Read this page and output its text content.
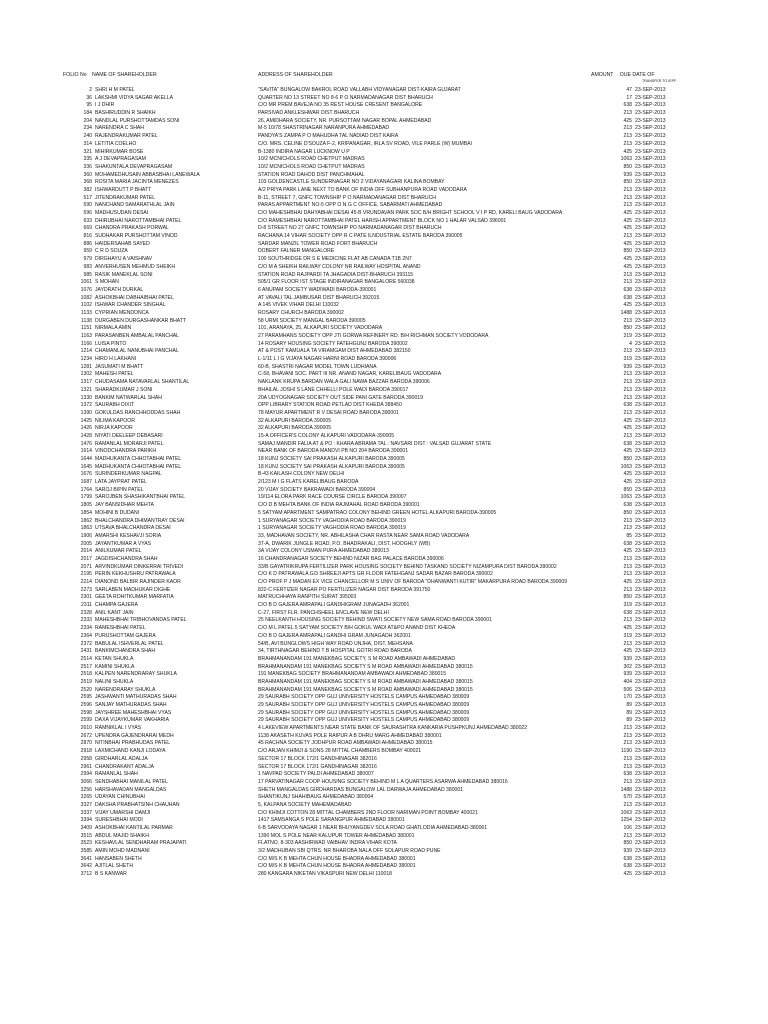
FOLIO No NAME OF SHAREHOLDER	ADDRESS OF SHAREHOLDER	AMOUNT DUE DATE OF
TRANSFER TO IEPF
2 SHRI H M PATEL	"SAVITA" BUNGALOW BAKROL ROAD VALLABH VIDYANAGAR DIST-KAIRA GUJARAT	47 23-SEP-2013
36 LAKSHMI VIDYA SAGAR AKELLA	QUARTER NO 13 STREET NO 8-6 P O NARMADANAGAR DIST BHARUCH	17 23-SEP-2013
95 I J DHIR	C/O MR PREM BAVEJA NO 35 REST HOUSE CRESENT BANGALORE	638 23-SEP-2013
184 BASHIRUDDIN R SHAIKH	PARSIVAD ANKLESHWAR DIST BHARUCH	213 23-SEP-2013
204 NANDLAL PURSHOTTAMDAS SONI	26, AMIDHARA SOCIETY, NR. PURSOTTAM NAGAR BOPAL AHMEDABAD	425 23-SEP-2013
234 NARENDRA C SHAH	M-5 10/78 SHASTRINAGAR NARANPURA AHMEDABAD	213 23-SEP-2013
240 RAJENDRAKUMAR PATEL	PANDYA'S ZAMPA P O MAHUDHA TAL NADIAD DIST KAIRA	213 23-SEP-2013
314 LETITIA COELHO	C/O. MRS. CELINE D'SOUZA F-2, KRIPANAGAR, IRLA SV ROAD, VILE PARLE (W) MUMBAI	213 23-SEP-2013
321 MIHIRKUMAR BOSE	B-1380 INDIRA NAGAR LUCKNOW U P	425 23-SEP-2013
335 A J DEVAPRAGASAM	10/2 MCNICHOLS ROAD CHETPUT MADRAS	1063 23-SEP-2013
336 SHAKUNTALA DEVAPRAGASAM	10/2 MCNICHOLS ROAD CHETPUT MADRAS	850 23-SEP-2013
360 MOHAMEDHUSAIN ABBASBHAI LANEWALA	STATION ROAD DAHOD DIST PANCHMAHAL	939 23-SEP-2013
368 ROSITA MARIA JACINTA MENEZES	103 GOLDENCASTLE SUNDERNAGAR NO 2 VIDAYANAGARI KALINA BOMBAY	850 23-SEP-2013
382 ISHWARDUTT P BHATT	A/2 PRIYA PARK LANE NEXT TO BANK OF INDIA OFF SUBHANPURA ROAD VADODARA	213 23-SEP-2013
517 JITENDRAKUMAR PATEL	B-11, STREET 7, GNFC TOWNSHIP P O NARMADANAGAR DIST BHARUCH	213 23-SEP-2013
590 NANCHAND SAMARATHLAL JAIN	PARAS APPARTMENT NO-5 OPP O N G C OFFICE, SABARMATI AHMEDABAD	213 23-SEP-2013
596 MADHUSUDAN DESAI	C/O MAHESHBHAI DAHYABHAI DESAI 45-B VRUNDAVAN PARK SOC B/H BRIGHT SCHOOL V I P RD, KARELI BAUG VADODARA	425 23-SEP-2013
633 DHIRUBHAI NAROTTAMBHAI PATEL	C/O RAMESHBHAI NAROTTAMBHAI PATEL HARISH APPARTMENT BLOCK NO 1 HALAR VALSAD 396001	425 23-SEP-2013
669 CHANDRA PRAKASH PORWAL	D-8 STREET NO 27 GNFC TOWNSHIP PO NARMADANAGAR DIST BHARUCH	425 23-SEP-2013
816 SUDHAKAR PURSHOTTAM VINOD	RACHANA 14 VIHAR SOCIETY OPP R C PATE ILNDUSTRIAL ESTATE BARODA 390005	213 23-SEP-2013
886 HAIDERSAHAB SAYED	SARDAR MANZIL TOWER ROAD FORT BHARUCH	425 23-SEP-2013
959 C R D SOUZA	DOBERT FALNER MANGALORE	850 23-SEP-2013
979 DIRGHAYU A VAISHNAV	100 SOUTHRIDGE DR S E MEDICINE FLAT AB CANADA T1B 2N7	425 23-SEP-2013
983 ANVERHUSEN MEHMUD SHEIKH	C/O M A SHEIKH RAILWAY COLONY NR RAILWAY HOSPITAL ANAND	425 23-SEP-2013
985 RASIK MANEKLAL SONI	STATION ROAD RAJPARDI TA JHAGADIA DIST-BHARUCH 393115	213 23-SEP-2013
1061 S MOHAN	505/1 GR FLOOR IST STAGE INDIRANAGAR BANGALORE 560038	213 23-SEP-2013
1076 JAYDRATH DURKAL	6 ANUPAM SOCIETY WADIWADI BARODA-390001	638 23-SEP-2013
1082 ASHOKBHAI DABHAIBHAI PATEL	AT VAVALI TAL JAMBUSAR DIST BHARUCH 392015	638 23-SEP-2013
1102 ISHWAR CHANDER SINGHAL	A 145 VIVEK VIHAR DELHI 110032	425 23-SEP-2013
1133 CYPRIAN MENDONCA	ROSARY CHURCH BARODA 390002	1488 23-SEP-2013
1138 DURGABEN DURGASHANKAR BHATT	58 URMI SOCIETY MANGAL BARODA 390005	213 23-SEP-2013
1151 NIRMALA AMIN	101, ARANAYA, 25, ALKAPURI SOCIETY VADODARA	850 23-SEP-2013
1163 PARASANBEN AMBALAL PANCHAL	27 PARAMHANS SOCIETY OPP JTI GORWA REFINERY RD. B/H RICHMAN SOCIETY VODODARA	319 23-SEP-2013
1166 LUISA PINTO	14 ROSARY HOUSING SOCIETY FATEHGUNJ BARODA 390002	4 23-SEP-2013
1214 CHAMANLAL NANUBHAI PANCHAL	AT & POST KAMUALA TA VIRAMGAM DIST AHMEDABAD 382150	213 23-SEP-2013
1234 HIRO H LAKHANI	L-1/11 L I G VIJAYA NAGAR HARNI ROAD BARODA 390006	319 23-SEP-2013
1281 JASUMATI M BHATT	60-B, SHASTRI NAGAR MODEL TOWN LUDHIANA	939 23-SEP-2013
1302 MAHESH PATEL	C-58, BHAVANI SOC. PART III NR. ANAND NAGAR, KARELIBAUG VADODARA	213 23-SEP-2013
1317 CHUDASAMA NATAVARLAL SHANTILAL	NAKLANK KRUPA BARDAN WALA GALI NAWA BAZZAR BARODA 390006	213 23-SEP-2013
1321 SHARADKUMAR J SONI	BHAILAL JOSHI S LANE CHHELLI POLE WADI BARODA 390017	213 23-SEP-2013
1330 BANKIM NATWARLAL SHAH	20A UDYOGNAGAR SOCIETY OUT SIDE PANI GATE BARODA 390019	213 23-SEP-2013
1372 SAURABH DIXIT	OPP LIBRARY STATION ROAD PETLAD DIST KHEDA 388450	638 23-SEP-2013
1390 GOKULDAS RANCHHODDAS SHAH	78 MAYUR APARTMENT R V DESAI ROAD BARODA 390001	213 23-SEP-2013
1425 NILIMA KAPOOR	32 ALKAPURI BARODA 390005	425 23-SEP-2013
1426 NIRJA KAPOOR	32 ALKAPURI BARODA 390005	425 23-SEP-2013
1428 NIYATI DEELEEP DEBASARI	15-A OFFICER'S COLONY ALKAPURI VADODARA-390005	213 23-SEP-2013
1476 RAMANLAL MORARJI PATEL	SAMAJ MANDIR FALIA AT & PO : KHARA ABRAMA TAL : NAVSARI DIST : VALSAD GUJARAT STATE	638 23-SEP-2013
1614 VINODCHANDRA PARIKH	NEAR BANK OF BARODA MANDVI PB NO 204 BARODA 390001	425 23-SEP-2013
1644 MADHUKANTA CHHOTABHAI PATEL	18 KUNJ SOCIETY SAI PRAKASH ALKAPURI BARODA 390005	850 23-SEP-2013
1645 MADHUKANTA CHHOTABHAI PATEL	18 KUNJ SOCIETY SAI PRAKASH ALKAPURI BARODA 390005	1063 23-SEP-2013
1676 SURINDERKUMAR NAGPAL	B-43 KAILASH COLONY NEW DELHI	425 23-SEP-2013
1687 LATA JAYPRAT PATEL	2/123 M I G FLATS KARELIBAUG BARODA	425 23-SEP-2013
1764 SAROJ BIPIN PATEL	20 VIJAY SOCIETY BAKRAWADI BARODA 390004	850 23-SEP-2013
1799 SAROJBEN SHASHIKANTBHAI PATEL	19/114 ELORA PARK RACE COURSE CIRCLE BARODA 390007	1063 23-SEP-2013
1805 JAY BANSIDHAR MEHTA	C/O D B MEHTA BANK OF INDIA RAJMAHAL ROAD BARODA 390001	638 23-SEP-2013
1854 MOHINI B DUDANI	5 SATYAM APARTMENT SAMPATRAO COLONY BEHIND GREEN HOTEL ALKAPURI BARODA-390005	850 23-SEP-2013
1862 BHALCHANDRA DHIMANTRAY DESAI	1 SURYANAGAR SOCIETY VAGHODIA ROAD BARODA 390019	213 23-SEP-2013
1863 UTSAVA BHALCHANDRA DESAI	1 SURYANAGAR SOCIETY VAGHODIA ROAD BARODA 390019	213 23-SEP-2013
1906 AMARSHI KESHAVJI SORIA	33, MADHAVAN SOCIETY, NR. ABHILASHA CHAR RASTA NEAR SAMA ROAD VADODARA	85 23-SEP-2013
2005 JAYANTKUMAR A VYAS	37-A, DWARIK JUNGLE ROAD, P.O. BHADRAKALI, DIST. HOOGHLY (WB)	638 23-SEP-2013
2014 ANILKUMAR PATEL	3A VIJAY COLONY USMAN PURA AHMEDABAD 380013	425 23-SEP-2013
2017 JAGDISHCHANDRA SHAH	16 CHANDRANAGAR SOCIETY BEHIND NIZAR BAG PALACE BARODA 390006	213 23-SEP-2013
2071 ARVINDKUMAR DINKERRAI TRIVEDI	33/B GAYATRIKRUPA FERTILIZER PARK HOUSING SOCIETY BEHIND TASKAND SOCIETY NIZAMPURA DIST BARODA 390002	213 23-SEP-2013
2195 PERIN KEKHUSHRU PATRAWALA	C/O K D PATRAWALA G/3 SHREEJI APTS GR FLOOR FATEHGANJ SADAR BAZAR BARODA 390002	213 23-SEP-2013
2214 DIANOND BALBIR RAJINDER KAOR	C/O PROF P J MADAN EX VICE CHANCELLOR M S UNIV OF BARODA "DHANWANTI KUTIR" MAKARPURA ROAD BARODA 390009	425 23-SEP-2013
2273 SARLABEN MADHUKAR DIGHE	822-C FERTIZER NAGAR PO FERTILIZER NAGAR DIST BARODA 391750	213 23-SEP-2013
2301 GEETA ROHITKUMAR MARFATIA	MATRUCHHAYA RANPITH SURAT 395003	850 23-SEP-2013
2311 CHAMPA GAJERA	C/O B D GAJERA AMRAPALI GANDHIGRAM JUNAGADH 362001	319 23-SEP-2013
2328 ANIL KANT JAIN	C-27, FIRST FLR. PANCHSHEEL ENCLAVE NEW DELHI	638 23-SEP-2013
2333 MAHESHBHAI TRIBHOVANDAS PATEL	25 NEELKANTH HOUSING SOCIETY BEHIND SWATI SOCIETY NEW SAMA ROAD BARODA 390001	213 23-SEP-2013
2334 RAMESHBHAI PATEL	C/O M L PATEL 5 SATYAM SOCIETY B/H GOKUL WADI AT&PO ANAND DIST KHEDA	425 23-SEP-2013
2364 PURUSHOTTAM GAJERA	C/O B D GAJERA AMRAPALI GANDHI GRAM JUNAGADH 362001	319 23-SEP-2013
2372 BABULAL ISHVERLAL PATEL	54/B, AVI BUNGLOWS HIGH WAY ROAD UNJHA, DIST. MEHSANA	213 23-SEP-2013
2431 BANKIMCHANDRA SHAH	34, TIRTHNAGAR BEHIND T B HOSPITAL GOTRI ROAD BARODA	425 23-SEP-2013
2514 KETAN SHUKLA	BRAHMANANDAM 191 MANEKBAG SOCIETY, S M ROAD AMBAWADI AHMEDABAD	939 23-SEP-2013
2517 KAMINI SHUKLA	BRAHMANANDAM 191 MANEKBAG SOCIETY S M ROAD AMBAWADI AHMEDABAD 380015	302 23-SEP-2013
2518 KALPEN NARENDRARAY SHUKLA	191 MANEKBAG SOCIETY BRAHMANANDAM AMBAWADI AHMEDABAD 380015	939 23-SEP-2013
2519 NALINI SHUKLA	BRAHMANANDAM 191 MANEKBAG SOCIETY S M ROAD AMBAWADI AHMEDABAD 380015	404 23-SEP-2013
2520 NARENDRARAY SHUKLA	BRAHMANANDAM 191 MANEKBAG SOCIETY S M ROAD AMBAWADI AHMEDABAD 380015	506 23-SEP-2013
2595 JASHWANTI MATHURADAS SHAH	29 SAURABH SOCIETY OPP GUJ UNIVERSITY HOSTELS CAMPUS AHMEDABAD 380009	170 23-SEP-2013
2596 SANJAY MATHURADAS SHAH	29 SAURABH SOCIETY OPP GUJ UNIVERSITY HOSTELS CAMPUS AHMEDABAD 380009	89 23-SEP-2013
2598 JAYSHREE MAHESHBHAI VYAS	29 SAURABH SOCIETY OPP GUJ UNIVERSITY HOSTELS CAMPUS AHMEDABAD 380009	89 23-SEP-2013
2599 DAXA VIJAYKUMAR VAKHARIA	29 SAURABH SOCIETY OPP GUJ UNIVERSITY HOSTELS CAMPUS AHMEDABAD 380009	89 23-SEP-2013
2610 RAMNIKLAL I VYAS	4 LAKEVIEW APARTMENTS NEAR STATE BANK OF SAURASHTRA KANKARIA PUSHPKUNJ AHMEDABAD 380022	213 23-SEP-2013
2672 UPENDRA GAJENDRARAI MEDH	1138 AKASETH KUVAS POLE RAIPUR A B DHRU MARG AHMEDABAD 380001	213 23-SEP-2013
2870 NITINBHAI PRABHUDAS PATEL	45 RACHNA SOCIETY JODHPUR ROAD AMBAWADI AHMEDABAD 380015	213 23-SEP-2013
2918 LAXMICHAND KANJI LODAYA	C/O ARJAN KHIMJI & SONS 28 MITTAL CHAMBERS BOMBAY 400021	1190 23-SEP-2013
2958 GIRDHARLAL ADALJA	SECTOR 17 BLOCK 172/1 GANDHINAGAR 382016	213 23-SEP-2013
2961 CHANDRAKANT ADALJA	SECTOR 17 BLOCK 172/1 GANDHINAGAR 382016	213 23-SEP-2013
2994 RAMANLAL SHAH	1 NAVPAD SOCIETY PALDI AHMEDABAD 380007	638 23-SEP-2013
3066 SENDHABHAI MANILAL PATEL	17 PARVATINAGAR COOP HOUSING SOCIETY BEHIND M L A QUARTERS ASARWA AHMEDABAD 380016	213 23-SEP-2013
3256 HARSHAVADAN MANGALDAS	SHETH MANGALDAS GIRDHARDAS BUNGALOW LAL DARWAJA AHMEDABAD 380001	1488 23-SEP-2013
3265 UDAYAN CHINUBHAI	SHANTIKUNJ SHAHIBAUG AHMEDABAD 380004	570 23-SEP-2013
3327 DAKSHA PRABHATSINH CHAUHAN	5, KALPANA SOCIETY MAHEMADABAD	213 23-SEP-2013
3337 VIJAY UMARSHI DAMJI	C/O KHIMJI COTTON 28 MITTAL CHAMBERS 2ND FLOOR NARIMAN POINT BOMBAY 400021	1063 23-SEP-2013
3394 SURESHBHAI MODI	1417 SAMSANGA S POLE SARANGPUR AHMEDABAD 380001	1254 23-SEP-2013
3409 ASHOKBHAI KANTILAL PARMAR	6-B SARVODAYA NAGAR 1 NEAR BHUYANGDEV SOLA ROAD GHATLODIA AHMEDABAD-380061	106 23-SEP-2013
3515 ABDUL MAJID SHAIKH	1390 MOL S POLE NEAR KALUPUR TOWER AHMEDABAD 380001	213 23-SEP-2013
3523 KESHAVLAL SENDHARAM PRAJAPATI	FLATNO. 8-303 AASHIRWAD VAIBHAV INDRA VIHAR KOTA	850 23-SEP-2013
3585 AMIN MOHD MADNANI	3/2 MADHUBAN SBI QTRS. NR BHAROBA NALA OFF SOLAPUR ROAD PUNE	939 23-SEP-2013
3641 HANSABEN SHETH	C/O M/S K B MEHTA CHUN HOUSE BHADRA AHMEDABAD 380001	638 23-SEP-2013
3642 AJITLAL SHETH	C/O M/S K B MEHTA CHUN HOUSE BHADRA AHMEDABAD 380001	638 23-SEP-2013
3712 B S KANWAR	280 KANGARA NIKETAN VIKASPURI NEW DELHI 110018	425 23-SEP-2013
